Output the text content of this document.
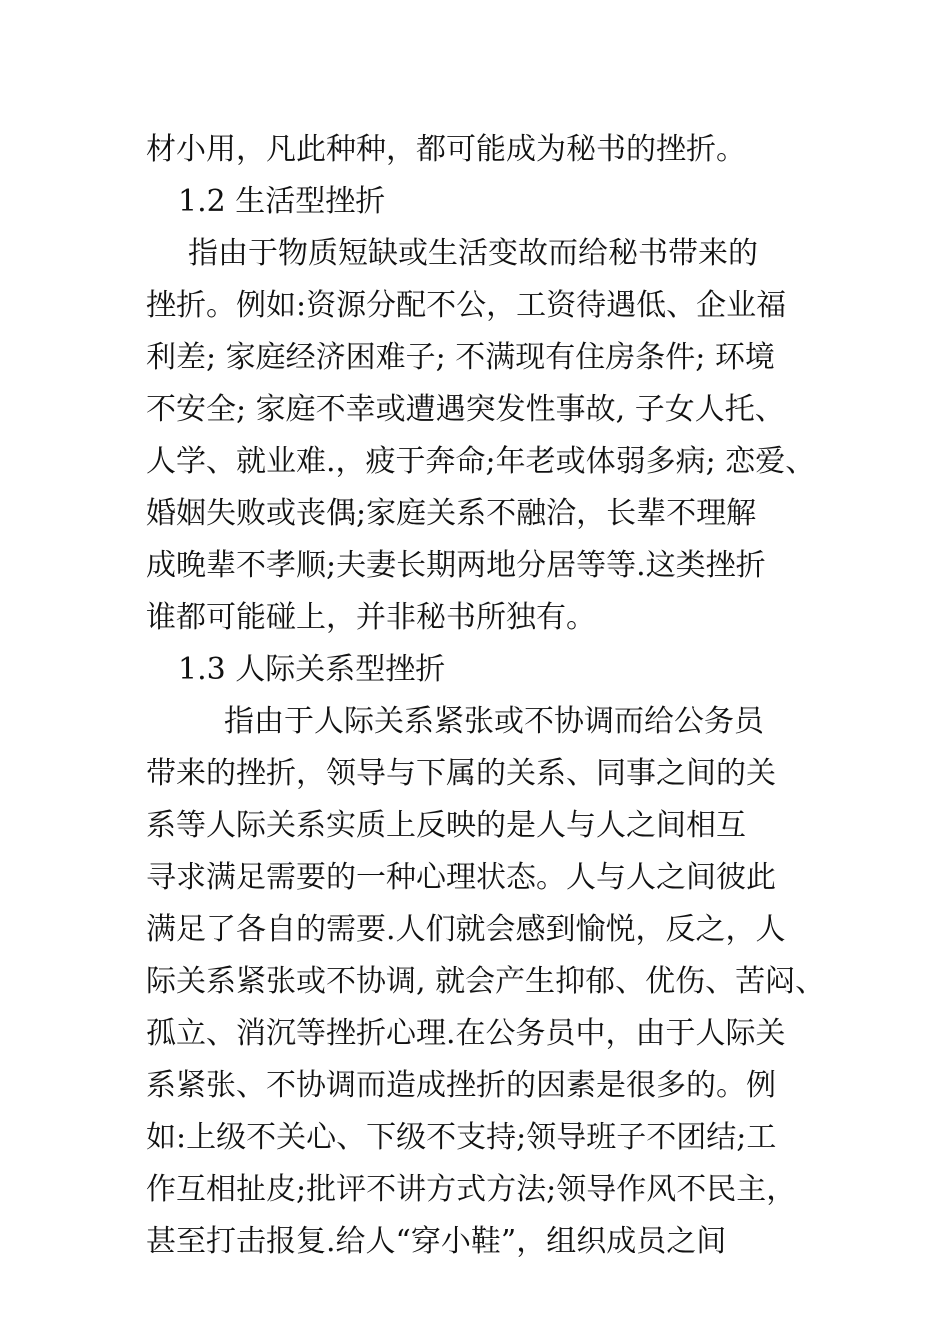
材小用，凡此种种，都可能成为秘书的挫折。
1.2 生活型挫折
指由于物质短缺或生活变故而给秘书带来的
挫折。例如:资源分配不公，工资待遇低、企业福
利差; 家庭经济困难子; 不满现有住房条件; 环境
不安全; 家庭不幸或遭遇突发性事故, 子女人托、
人学、就业难.，疲于奔命;年老或体弱多病; 恋爱、
婚姻失败或丧偶;家庭关系不融洽，长辈不理解
成晚辈不孝顺;夫妻长期两地分居等等.这类挫折
谁都可能碰上，并非秘书所独有。
1.3 人际关系型挫折
指由于人际关系紧张或不协调而给公务员
带来的挫折，领导与下属的关系、同事之间的关
系等人际关系实质上反映的是人与人之间相互
寻求满足需要的一种心理状态。人与人之间彼此
满足了各自的需要.人们就会感到愉悦，反之，人
际关系紧张或不协调, 就会产生抑郁、优伤、苦闷、
孤立、消沉等挫折心理.在公务员中，由于人际关
系紧张、不协调而造成挫折的因素是很多的。例
如:上级不关心、下级不支持;领导班子不团结;工
作互相扯皮;批评不讲方式方法;领导作风不民主，
甚至打击报复.给人“穿小鞋”，组织成员之间
